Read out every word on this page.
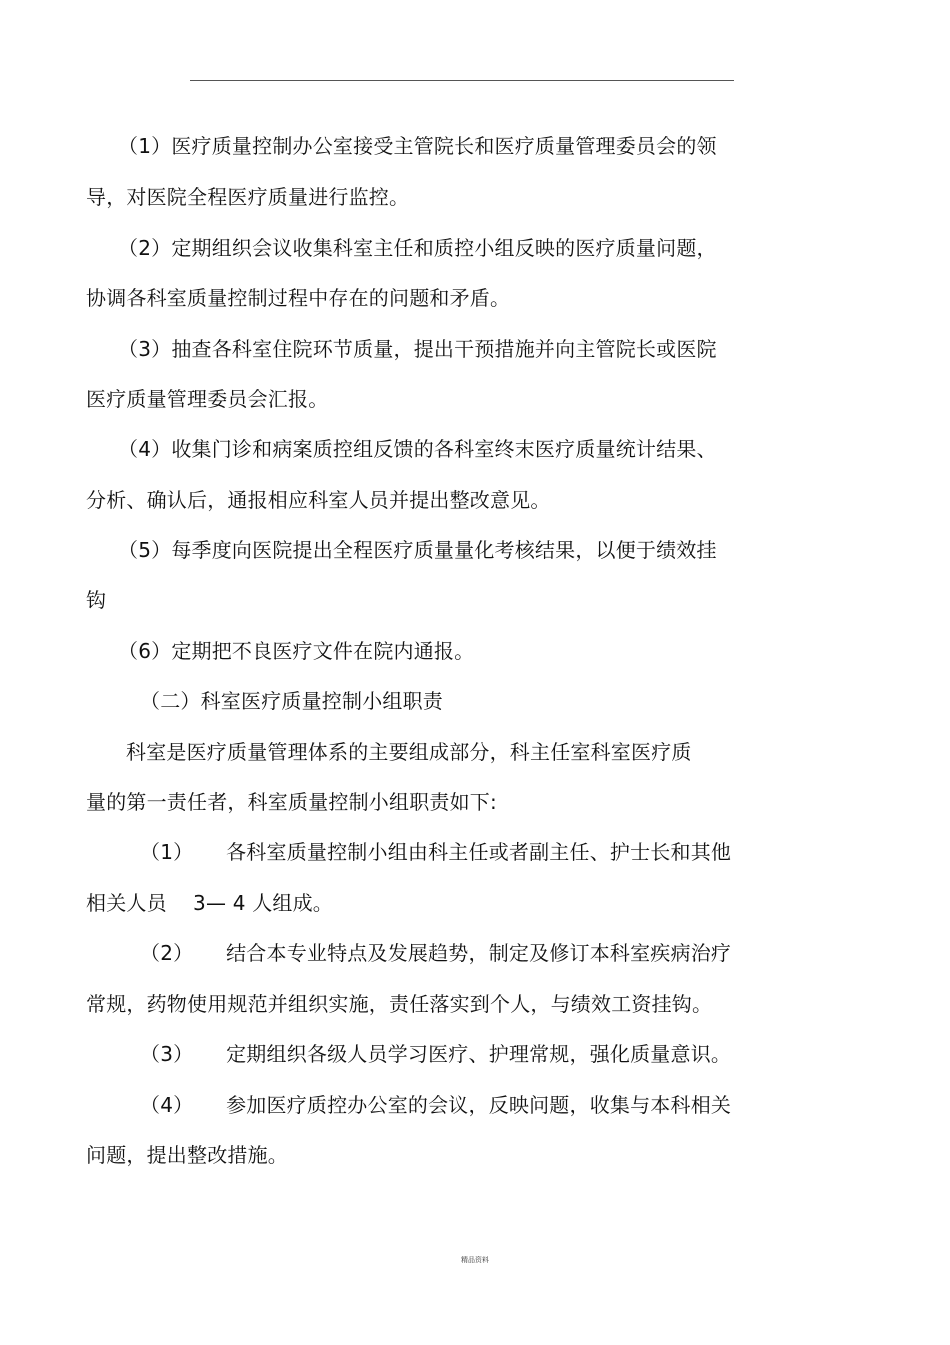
（1）医疗质量控制办公室接受主管院长和医疗质量管理委员会的领
导，对医院全程医疗质量进行监控。
（2）定期组织会议收集科室主任和质控小组反映的医疗质量问题，
协调各科室质量控制过程中存在的问题和矛盾。
（3）抽查各科室住院环节质量，提出干预措施并向主管院长或医院
医疗质量管理委员会汇报。
（4）收集门诊和病案质控组反馈的各科室终末医疗质量统计结果、
分析、确认后，通报相应科室人员并提出整改意见。
（5）每季度向医院提出全程医疗质量量化考核结果，以便于绩效挂
钩
（6）定期把不良医疗文件在院内通报。
（二）科室医疗质量控制小组职责
科室是医疗质量管理体系的主要组成部分，科主任室科室医疗质
量的第一责任者，科室质量控制小组职责如下:
（1）     各科室质量控制小组由科主任或者副主任、护士长和其他
相关人员    3— 4 人组成。
（2）     结合本专业特点及发展趋势，制定及修订本科室疾病治疗
常规，药物使用规范并组织实施，责任落实到个人，与绩效工资挂钩。
（3）     定期组织各级人员学习医疗、护理常规，强化质量意识。
（4）     参加医疗质控办公室的会议，反映问题，收集与本科相关
问题，提出整改措施。
精品资料
